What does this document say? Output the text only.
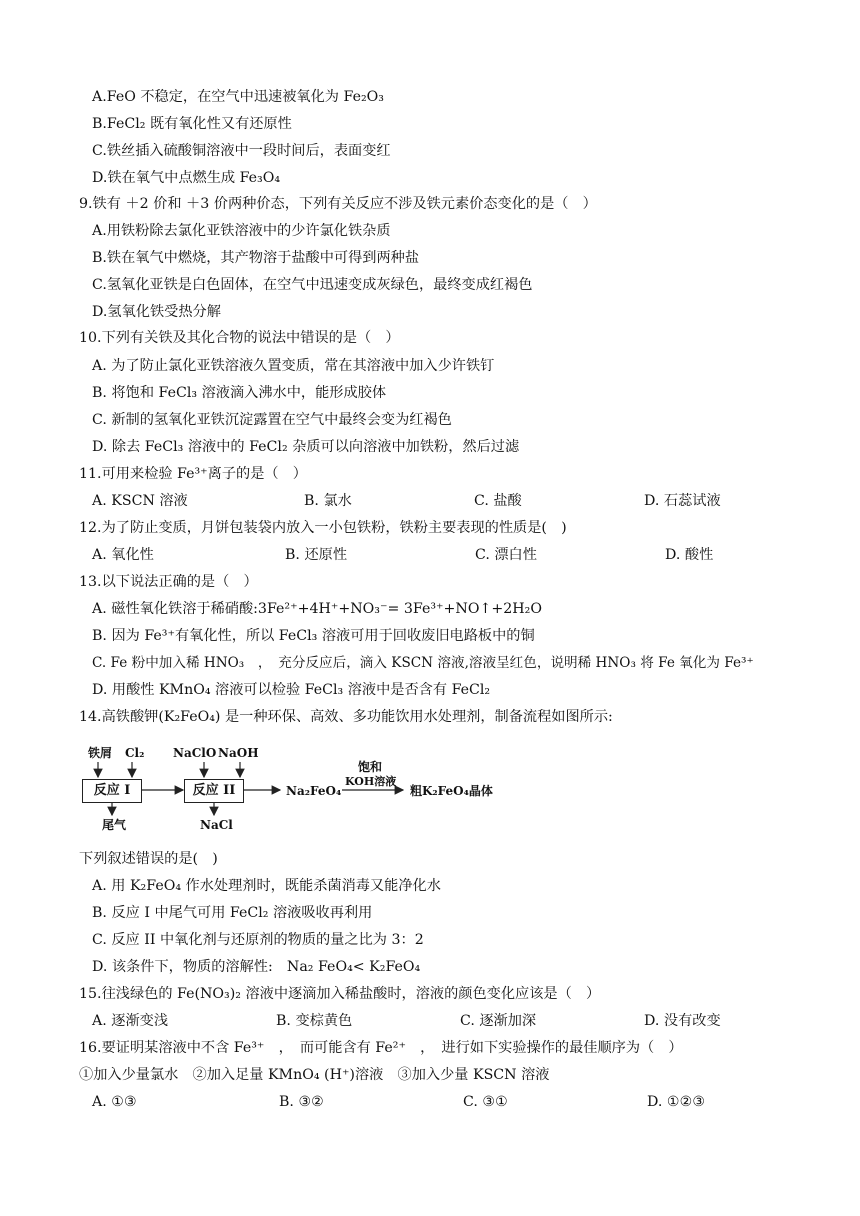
A.FeO 不稳定，在空气中迅速被氧化为 Fe₂O₃
B.FeCl₂ 既有氧化性又有还原性
C.铁丝插入硫酸铜溶液中一段时间后，表面变红
D.铁在氧气中点燃生成 Fe₃O₄
9.铁有 ＋2 价和 ＋3 价两种价态，下列有关反应不涉及铁元素价态变化的是（　）
A.用铁粉除去氯化亚铁溶液中的少许氯化铁杂质
B.铁在氧气中燃烧，其产物溶于盐酸中可得到两种盐
C.氢氧化亚铁是白色固体，在空气中迅速变成灰绿色，最终变成红褐色
D.氢氧化铁受热分解
10.下列有关铁及其化合物的说法中错误的是（　）
A. 为了防止氯化亚铁溶液久置变质，常在其溶液中加入少许铁钉
B. 将饱和 FeCl₃ 溶液滴入沸水中，能形成胶体
C. 新制的氢氧化亚铁沉淀露置在空气中最终会变为红褐色
D. 除去 FeCl₃ 溶液中的 FeCl₂ 杂质可以向溶液中加铁粉，然后过滤
11.可用来检验 Fe³⁺离子的是（　）
A. KSCN 溶液	B. 氯水	C. 盐酸	D. 石蕊试液
12.为了防止变质，月饼包装袋内放入一小包铁粉，铁粉主要表现的性质是(　)
A. 氧化性	B. 还原性	C. 漂白性	D. 酸性
13.以下说法正确的是（　）
A. 磁性氧化铁溶于稀硝酸:3Fe²⁺+4H⁺+NO₃⁻= 3Fe³⁺+NO↑+2H₂O
B. 因为 Fe³⁺有氧化性，所以 FeCl₃ 溶液可用于回收废旧电路板中的铜
C. Fe 粉中加入稀 HNO₃　，　充分反应后，滴入 KSCN 溶液,溶液呈红色，说明稀 HNO₃ 将 Fe 氧化为 Fe³⁺
D. 用酸性 KMnO₄ 溶液可以检验 FeCl₃ 溶液中是否含有 FeCl₂
14.高铁酸钾(K₂FeO₄) 是一种环保、高效、多功能饮用水处理剂，制备流程如图所示:
铁屑 Cl₂
反应 I
尾气
NaClO NaOH
反应 II
NaCl
Na₂FeO₄
饱和
KOH溶液
粗K₂FeO₄晶体
下列叙述错误的是(　)
A. 用 K₂FeO₄ 作水处理剂时，既能杀菌消毒又能净化水
B. 反应 I 中尾气可用 FeCl₂ 溶液吸收再利用
C. 反应 II 中氧化剂与还原剂的物质的量之比为 3：2
D. 该条件下，物质的溶解性:　Na₂ FeO₄< K₂FeO₄
15.往浅绿色的 Fe(NO₃)₂ 溶液中逐滴加入稀盐酸时，溶液的颜色变化应该是（　）
A. 逐渐变浅	B. 变棕黄色	C. 逐渐加深	D. 没有改变
16.要证明某溶液中不含 Fe³⁺　，　而可能含有 Fe²⁺　，　进行如下实验操作的最佳顺序为（　）
①加入少量氯水　②加入足量 KMnO₄ (H⁺)溶液　③加入少量 KSCN 溶液
A. ①③	B. ③②	C. ③①	D. ①②③
